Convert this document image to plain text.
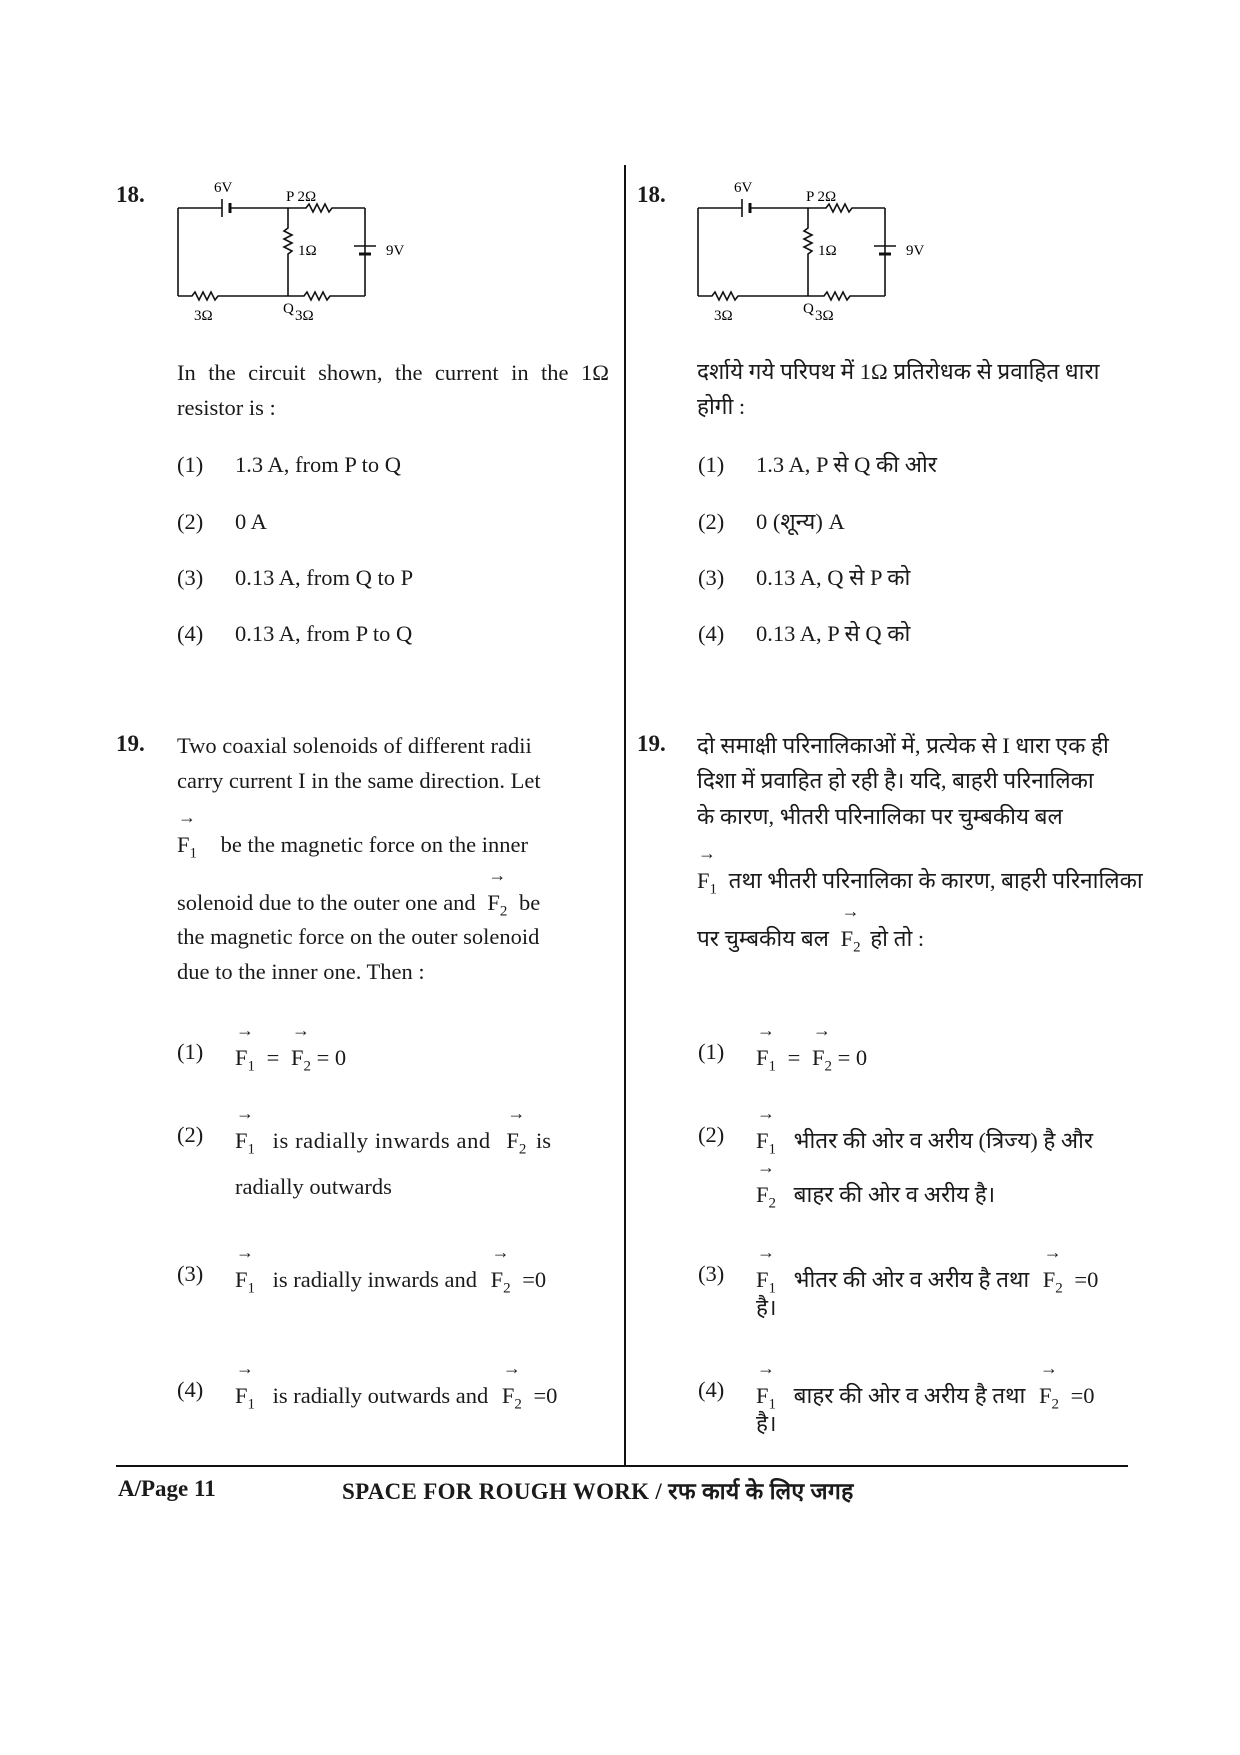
18.	6V
P 2Ω
1Ω	9V
3Ω	Q 3Ω
In the circuit shown, the current in the 1Ω resistor is :
(1) 1.3 A, from P to Q
(2) 0 A
(3) 0.13 A, from Q to P
(4) 0.13 A, from P to Q
19. Two coaxial solenoids of different radii
carry current I in the same direction. Let
→ $F_1$ be the magnetic force on the inner
solenoid due to the outer one and → $F_2$ be
the magnetic force on the outer solenoid
due to the inner one. Then :
(1)
→ $F_1$ = → $F_2 = 0$
(2)
→ $F_1$ is radially inwards and → $F_2$ is
radially outwards
(3)
→ $F_1$ is radially inwards and → $F_2 =0$
(4)
→ $F_1$ is radially outwards and → $F_2 =0$
18.	6V
P 2Ω
1Ω	9V
3Ω	Q 3Ω
दर्शाये गये परिपथ में 1Ω प्रतिरोधक से प्रवाहित धारा
होगी :
(1) 1.3 A, P से Q की ओर
(2) 0 (शून्य) A
(3) 0.13 A, Q से P को
(4) 0.13 A, P से Q को
19. दो समाक्षी परिनालिकाओं में, प्रत्येक से I धारा एक ही
दिशा में प्रवाहित हो रही है। यदि, बाहरी परिनालिका
के कारण, भीतरी परिनालिका पर चुम्बकीय बल
→ $F_1$ तथा भीतरी परिनालिका के कारण, बाहरी परिनालिका
पर चुम्बकीय बल → $F_2$ हो तो :
(1)
→ $F_1$ = → $F_2 = 0$
(2)
→ $F_1$ भीतर की ओर व अरीय (त्रिज्य) है और
→ $F_2$ बाहर की ओर व अरीय है।
(3)
→ $F_1$ भीतर की ओर व अरीय है तथा → $F_2 =0$
है।
(4)
→ $F_1$ बाहर की ओर व अरीय है तथा → $F_2 =0$
है।
A/Page 11	SPACE FOR ROUGH WORK / रफ कार्य के लिए जगह
